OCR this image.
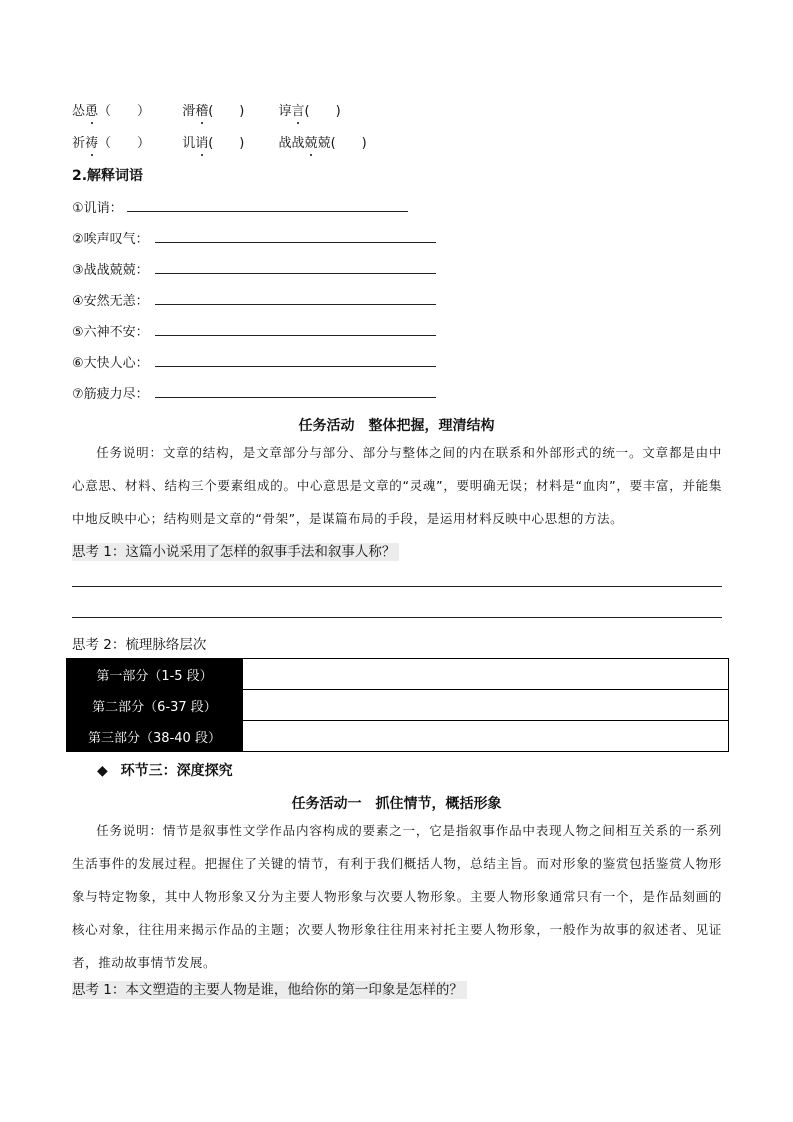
怂恿（　　） 滑稽(　　)	谆言(　　)
祈祷（　　） 讥诮(　　)	战战兢兢(　　)
2.解释词语
①讥诮：
②唉声叹气：
③战战兢兢：
④安然无恙：
⑤六神不安：
⑥大快人心：
⑦筋疲力尽：
任务活动　整体把握，理清结构
任务说明：文章的结构，是文章部分与部分、部分与整体之间的内在联系和外部形式的统一。文章都是由中心意思、材料、结构三个要素组成的。中心意思是文章的“灵魂”，要明确无误；材料是“血肉”，要丰富，并能集中地反映中心；结构则是文章的“骨架”，是谋篇布局的手段，是运用材料反映中心思想的方法。
思考 1：这篇小说采用了怎样的叙事手法和叙事人称？
思考 2：梳理脉络层次
第一部分（1-5 段）	
第二部分（6-37 段）	
第三部分（38-40 段）	
◆ 环节三：深度探究
任务活动一　抓住情节，概括形象
任务说明：情节是叙事性文学作品内容构成的要素之一，它是指叙事作品中表现人物之间相互关系的一系列生活事件的发展过程。把握住了关键的情节，有利于我们概括人物，总结主旨。而对形象的鉴赏包括鉴赏人物形象与特定物象，其中人物形象又分为主要人物形象与次要人物形象。主要人物形象通常只有一个，是作品刻画的核心对象，往往用来揭示作品的主题；次要人物形象往往用来衬托主要人物形象，一般作为故事的叙述者、见证者，推动故事情节发展。
思考 1：本文塑造的主要人物是谁，他给你的第一印象是怎样的？
